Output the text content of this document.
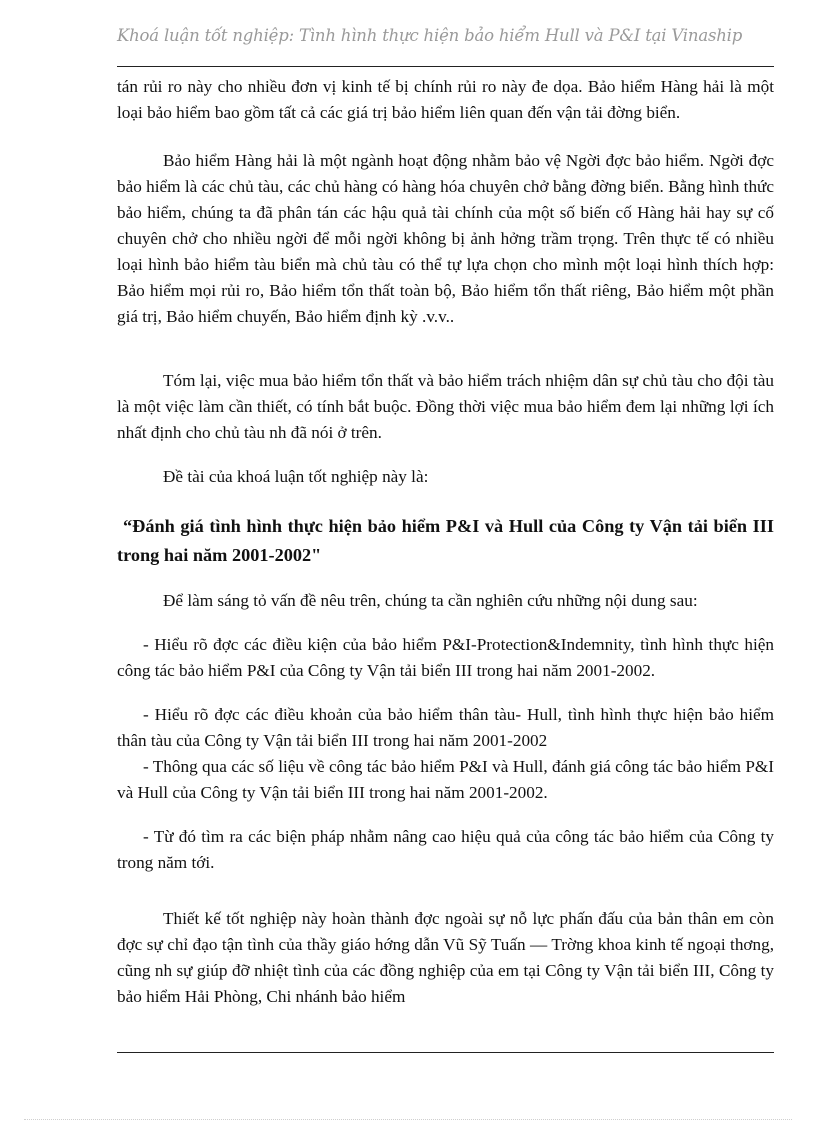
Khoá luận tốt nghiệp: Tình hình thực hiện bảo hiểm Hull và P&I tại Vinaship

tán rủi ro này cho nhiều đơn vị kinh tế bị chính rủi ro này đe dọa. Bảo hiểm Hàng hải là một loại bảo hiểm bao gồm tất cả các giá trị bảo hiểm liên quan đến vận tải đờng biển.

Bảo hiểm Hàng hải là một ngành hoạt động nhằm bảo vệ Ngời đợc bảo hiểm. Ngời đợc bảo hiểm là các chủ tàu, các chủ hàng có hàng hóa chuyên chở bằng đờng biển. Bằng hình thức bảo hiểm, chúng ta đã phân tán các hậu quả tài chính của một số biến cố Hàng hải hay sự cố chuyên chở cho nhiều ngời để mỗi ngời không bị ảnh hởng trầm trọng. Trên thực tế có nhiều loại hình bảo hiểm tàu biển mà chủ tàu có thể tự lựa chọn cho mình một loại hình thích hợp: Bảo hiểm mọi rủi ro, Bảo hiểm tổn thất toàn bộ, Bảo hiểm tổn thất riêng, Bảo hiểm một phần giá trị, Bảo hiểm chuyến, Bảo hiểm định kỳ .v.v..

Tóm lại, việc mua bảo hiểm tổn thất và bảo hiểm trách nhiệm dân sự chủ tàu cho đội tàu là một việc làm cần thiết, có tính bắt buộc. Đồng thời việc mua bảo hiểm đem lại những lợi ích nhất định cho chủ tàu nh đã nói ở trên.

Đề tài của khoá luận tốt nghiệp này là:

“Đánh giá tình hình thực hiện bảo hiểm P&I và Hull của Công ty Vận tải biển III trong hai năm 2001-2002"

Để làm sáng tỏ vấn đề nêu trên, chúng ta cần nghiên cứu những nội dung sau:

- Hiểu rõ đợc các điều kiện của bảo hiểm P&I-Protection&Indemnity, tình hình thực hiện công tác bảo hiểm P&I của Công ty Vận tải biển III trong hai năm 2001-2002.

- Hiểu rõ đợc các điều khoản của bảo hiểm thân tàu- Hull, tình hình thực hiện bảo hiểm thân tàu của Công ty Vận tải biển III trong hai năm 2001-2002

- Thông qua các số liệu về công tác bảo hiểm P&I và Hull, đánh giá công tác bảo hiểm P&I và Hull của Công ty Vận tải biển III trong hai năm 2001-2002.

- Từ đó tìm ra các biện pháp nhằm nâng cao hiệu quả của công tác bảo hiểm của Công ty trong năm tới.

Thiết kế tốt nghiệp này hoàn thành đợc ngoài sự nỗ lực phấn đấu của bản thân em còn đợc sự chỉ đạo tận tình của thầy giáo hớng dẫn Vũ Sỹ Tuấn — Trờng khoa kinh tế ngoại thơng, cũng nh sự giúp đỡ nhiệt tình của các đồng nghiệp của em tại Công ty Vận tải biển III, Công ty bảo hiểm Hải Phòng, Chi nhánh bảo hiểm
